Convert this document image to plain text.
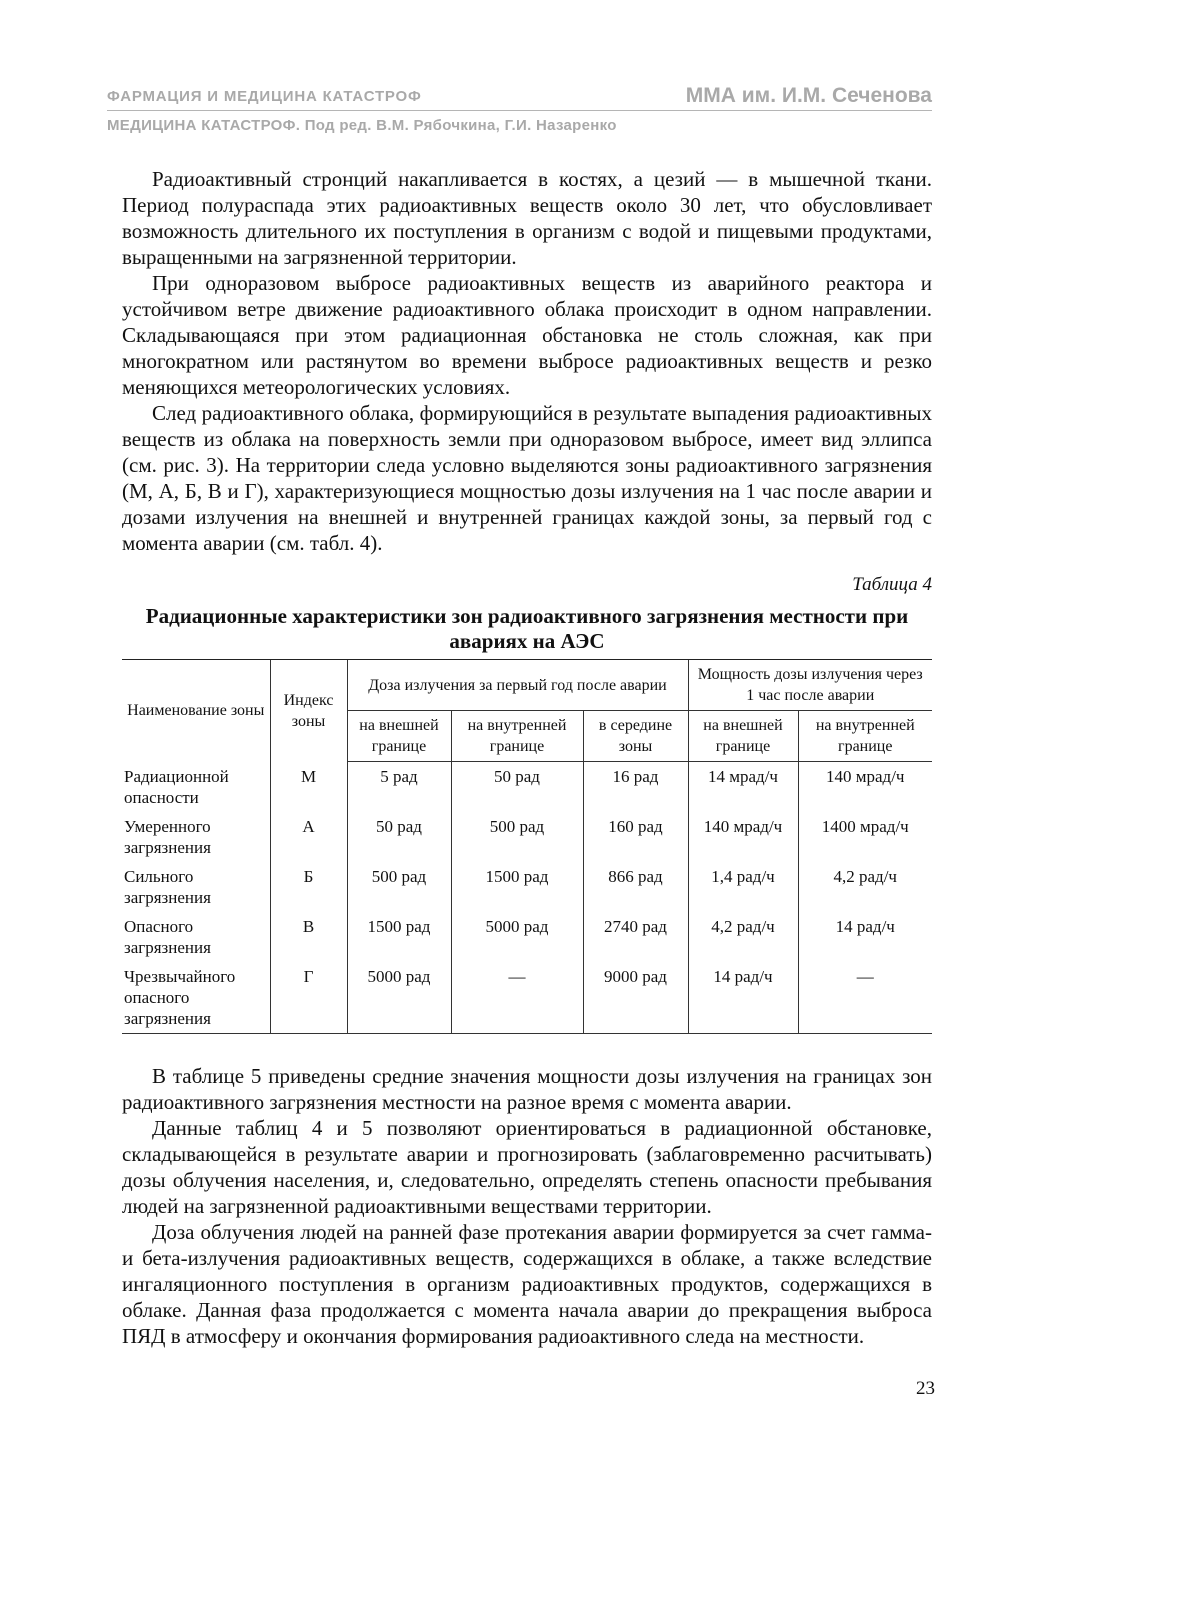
ФАРМАЦИЯ И МЕДИЦИНА КАТАСТРОФ	ММА им. И.М. Сеченова
МЕДИЦИНА КАТАСТРОФ. Под ред. В.М. Рябочкина, Г.И. Назаренко

Радиоактивный стронций накапливается в костях, а цезий — в мышечной ткани. Период полураспада этих радиоактивных веществ около 30 лет, что обусловливает возможность длительного их поступления в организм с водой и пищевыми продуктами, выращенными на загрязненной территории.

При одноразовом выбросе радиоактивных веществ из аварийного реактора и устойчивом ветре движение радиоактивного облака происходит в одном направлении. Складывающаяся при этом радиационная обстановка не столь сложная, как при многократном или растянутом во времени выбросе радиоактивных веществ и резко меняющихся метеорологических условиях.

След радиоактивного облака, формирующийся в результате выпадения радиоактивных веществ из облака на поверхность земли при одноразовом выбросе, имеет вид эллипса (см. рис. 3). На территории следа условно выделяются зоны радиоактивного загрязнения (М, А, Б, В и Г), характеризующиеся мощностью дозы излучения на 1 час после аварии и дозами излучения на внешней и внутренней границах каждой зоны, за первый год с момента аварии (см. табл. 4).

Таблица 4
Радиационные характеристики зон радиоактивного загрязнения местности при авариях на АЭС
Наименование зоны	Индекс зоны	Доза излучения за первый год после аварии			Мощность дозы излучения через 1 час после аварии	
		на внешней границе	на внутренней границе	в середине зоны	на внешней границе	на внутренней границе
Радиационной опасности	М	5 рад	50 рад	16 рад	14 мрад/ч	140 мрад/ч
Умеренного загрязнения	А	50 рад	500 рад	160 рад	140 мрад/ч	1400 мрад/ч
Сильного загрязнения	Б	500 рад	1500 рад	866 рад	1,4 рад/ч	4,2 рад/ч
Опасного загрязнения	В	1500 рад	5000 рад	2740 рад	4,2 рад/ч	14 рад/ч
Чрезвычайного опасного загрязнения	Г	5000 рад	—	9000 рад	14 рад/ч	—

В таблице 5 приведены средние значения мощности дозы излучения на границах зон радиоактивного загрязнения местности на разное время с момента аварии.

Данные таблиц 4 и 5 позволяют ориентироваться в радиационной обстановке, складывающейся в результате аварии и прогнозировать (заблаговременно расчитывать) дозы облучения населения, и, следовательно, определять степень опасности пребывания людей на загрязненной радиоактивными веществами территории.

Доза облучения людей на ранней фазе протекания аварии формируется за счет гамма- и бета-излучения радиоактивных веществ, содержащихся в облаке, а также вследствие ингаляционного поступления в организм радиоактивных продуктов, содержащихся в облаке. Данная фаза продолжается с момента начала аварии до прекращения выброса ПЯД в атмосферу и окончания формирования радиоактивного следа на местности.

23
